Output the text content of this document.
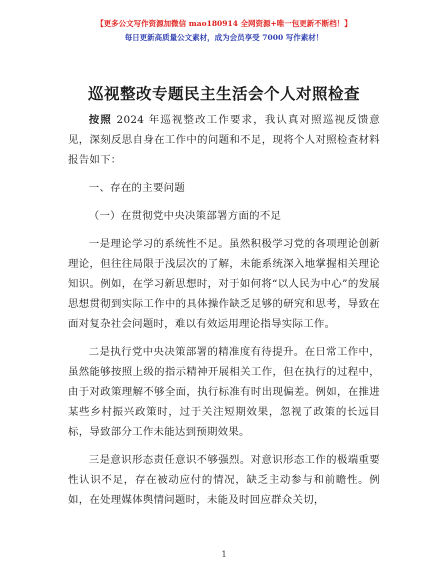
【更多公文写作资源加微信 mao180914 全网资源+唯一包更新不断档！】
每日更新高质量公文素材，成为会员享受 7000 写作素材！
巡视整改专题民主生活会个人对照检查

按照 2024 年巡视整改工作要求，我认真对照巡视反馈意见，深刻反思自身在工作中的问题和不足，现将个人对照检查材料报告如下：

一、存在的主要问题

（一）在贯彻党中央决策部署方面的不足

一是理论学习的系统性不足。虽然积极学习党的各项理论创新理论，但往往局限于浅层次的了解，未能系统深入地掌握相关理论知识。例如，在学习新思想时，对于如何将“以人民为中心”的发展思想贯彻到实际工作中的具体操作缺乏足够的研究和思考，导致在面对复杂社会问题时，难以有效运用理论指导实际工作。

二是执行党中央决策部署的精准度有待提升。在日常工作中，虽然能够按照上级的指示精神开展相关工作，但在执行的过程中，由于对政策理解不够全面，执行标准有时出现偏差。例如，在推进某些乡村振兴政策时，过于关注短期效果，忽视了政策的长远目标，导致部分工作未能达到预期效果。

三是意识形态责任意识不够强烈。对意识形态工作的极端重要性认识不足，存在被动应付的情况，缺乏主动参与和前瞻性。例如，在处理媒体舆情问题时，未能及时回应群众关切，

1
